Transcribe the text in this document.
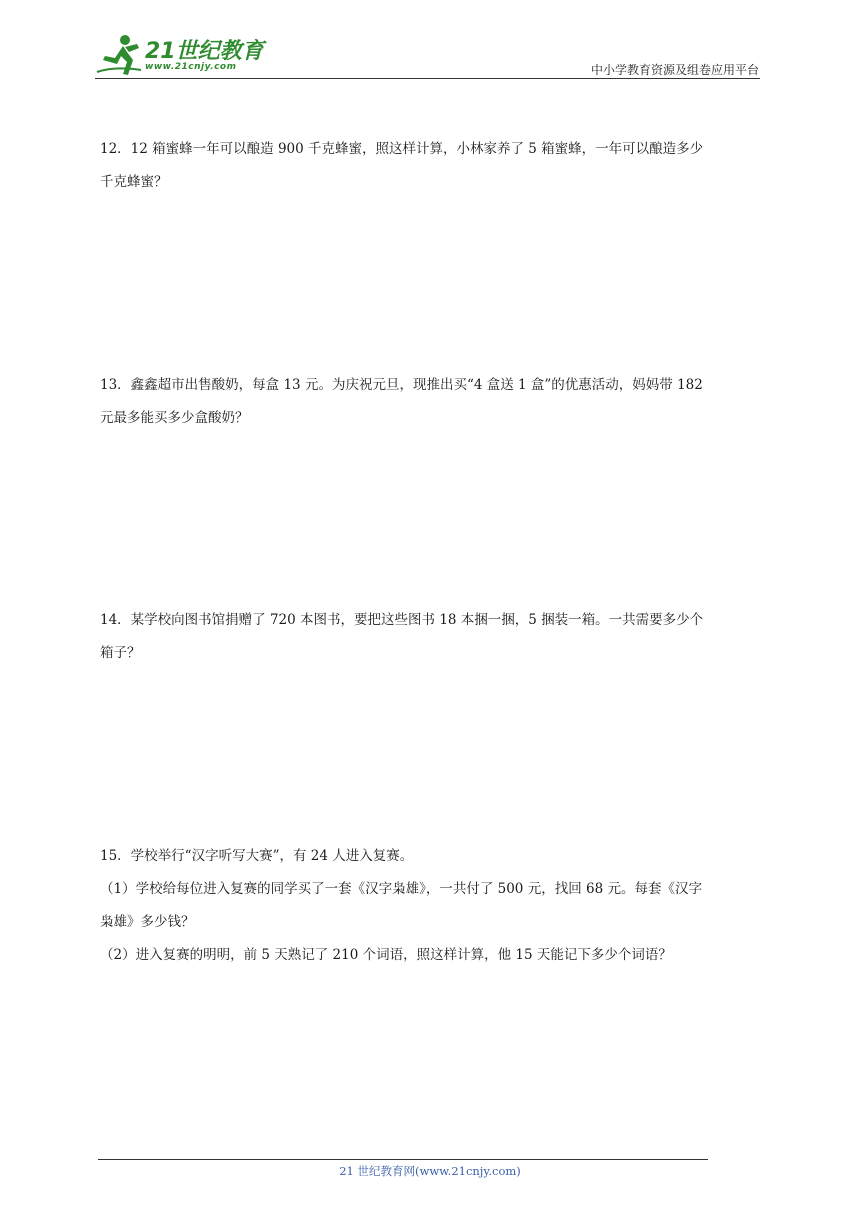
21世纪教育
www.21cnjy.com	中小学教育资源及组卷应用平台

12．12 箱蜜蜂一年可以酿造 900 千克蜂蜜，照这样计算，小林家养了 5 箱蜜蜂，一年可以酿造多少

千克蜂蜜？

13．鑫鑫超市出售酸奶，每盒 13 元。为庆祝元旦，现推出买“4 盒送 1 盒”的优惠活动，妈妈带 182

元最多能买多少盒酸奶？

14．某学校向图书馆捐赠了 720 本图书，要把这些图书 18 本捆一捆，5 捆装一箱。一共需要多少个

箱子？

15．学校举行“汉字听写大赛”，有 24 人进入复赛。

（1）学校给每位进入复赛的同学买了一套《汉字枭雄》，一共付了 500 元，找回 68 元。每套《汉字

枭雄》多少钱？

（2）进入复赛的明明，前 5 天熟记了 210 个词语，照这样计算，他 15 天能记下多少个词语？

21 世纪教育网(www.21cnjy.com)
